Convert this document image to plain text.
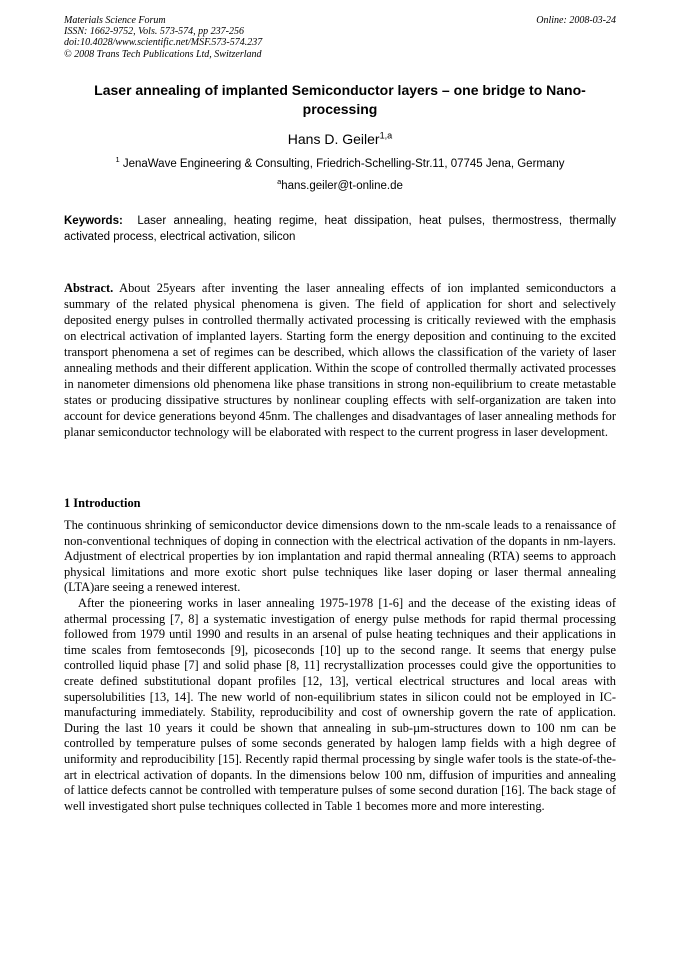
Materials Science Forum
ISSN: 1662-9752, Vols. 573-574, pp 237-256
doi:10.4028/www.scientific.net/MSF.573-574.237
© 2008 Trans Tech Publications Ltd, Switzerland
Online: 2008-03-24
Laser annealing of implanted Semiconductor layers – one bridge to Nano-processing
Hans D. Geiler$^{1,a}$
$^1$ JenaWave Engineering & Consulting, Friedrich-Schelling-Str.11, 07745 Jena, Germany
$^a$hans.geiler@t-online.de
Keywords: Laser annealing, heating regime, heat dissipation, heat pulses, thermostress, thermally activated process, electrical activation, silicon
Abstract. About 25years after inventing the laser annealing effects of ion implanted semiconductors a summary of the related physical phenomena is given. The field of application for short and selectively deposited energy pulses in controlled thermally activated processing is critically reviewed with the emphasis on electrical activation of implanted layers. Starting form the energy deposition and continuing to the excited transport phenomena a set of regimes can be described, which allows the classification of the variety of laser annealing methods and their different application. Within the scope of controlled thermally activated processes in nanometer dimensions old phenomena like phase transitions in strong non-equilibrium to create metastable states or producing dissipative structures by nonlinear coupling effects with self-organization are taken into account for device generations beyond 45nm. The challenges and disadvantages of laser annealing methods for planar semiconductor technology will be elaborated with respect to the current progress in laser development.
1 Introduction

The continuous shrinking of semiconductor device dimensions down to the nm-scale leads to a renaissance of non-conventional techniques of doping in connection with the electrical activation of the dopants in nm-layers. Adjustment of electrical properties by ion implantation and rapid thermal annealing (RTA) seems to approach physical limitations and more exotic short pulse techniques like laser doping or laser thermal annealing (LTA)are seeing a renewed interest.

After the pioneering works in laser annealing 1975-1978 [1-6] and the decease of the existing ideas of athermal processing [7, 8] a systematic investigation of energy pulse methods for rapid thermal processing followed from 1979 until 1990 and results in an arsenal of pulse heating techniques and their applications in time scales from femtoseconds [9], picoseconds [10] up to the second range. It seems that energy pulse controlled liquid phase [7] and solid phase [8, 11] recrystallization processes could give the opportunities to create defined substitutional dopant profiles [12, 13], vertical electrical structures and local areas with supersolubilities [13, 14]. The new world of non-equilibrium states in silicon could not be employed in IC-manufacturing immediately. Stability, reproducibility and cost of ownership govern the rate of application. During the last 10 years it could be shown that annealing in sub-µm-structures down to 100 nm can be controlled by temperature pulses of some seconds generated by halogen lamp fields with a high degree of uniformity and reproducibility [15]. Recently rapid thermal processing by single wafer tools is the state-of-the-art in electrical activation of dopants. In the dimensions below 100 nm, diffusion of impurities and annealing of lattice defects cannot be controlled with temperature pulses of some second duration [16]. The back stage of well investigated short pulse techniques collected in Table 1 becomes more and more interesting.
